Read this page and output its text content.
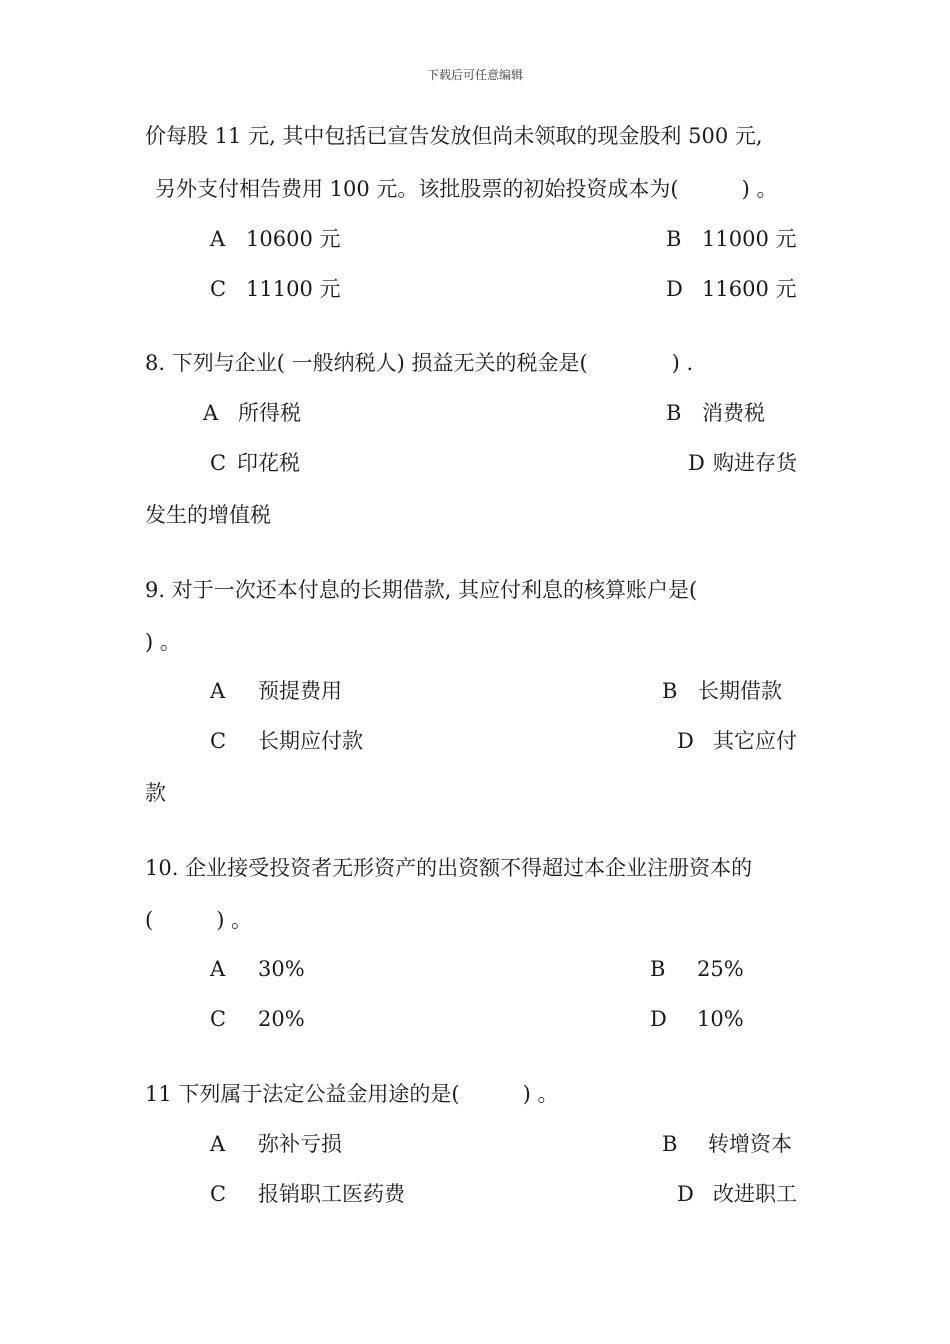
下载后可任意编辑
价每股 11 元, 其中包括已宣告发放但尚未领取的现金股利 500 元,
另外支付相告费用 100 元。该批股票的初始投资成本为(　　　) 。
A 10600 元	B 11000 元
C 11100 元	D 11600 元
8. 下列与企业( 一般纳税人) 损益无关的税金是(　　　　) .
A 所得税	B 消费税
C 印花税	D 购进存货
发生的增值税
9. 对于一次还本付息的长期借款, 其应付利息的核算账户是(
) 。
A 预提费用	B 长期借款
C 长期应付款	D 其它应付
款
10. 企业接受投资者无形资产的出资额不得超过本企业注册资本的
(　　　) 。
A 30%	B 25%
C 20%	D 10%
11 下列属于法定公益金用途的是(　　　) 。
A 弥补亏损	B 转增资本
C 报销职工医药费	D 改进职工
